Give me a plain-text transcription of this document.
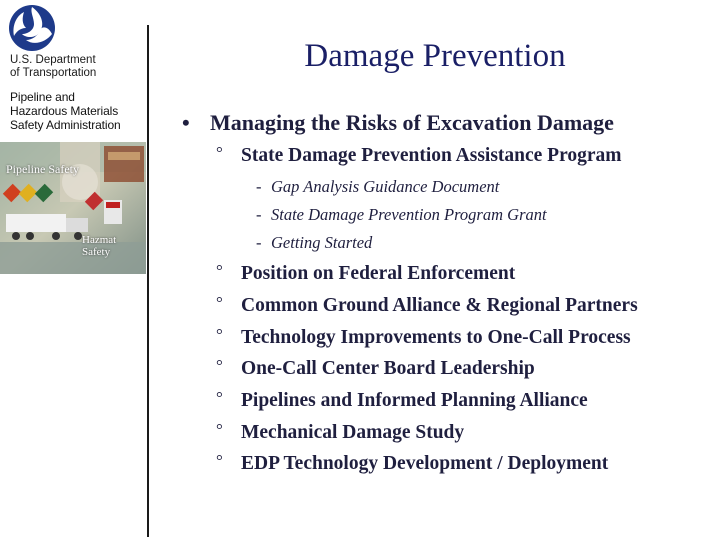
U.S. Department
of Transportation
Pipeline and
Hazardous Materials
Safety Administration
Pipeline Safety
Hazmat Safety
Damage Prevention
• Managing the Risks of Excavation Damage
° State Damage Prevention Assistance Program
- Gap Analysis Guidance Document
- State Damage Prevention Program Grant
- Getting Started
° Position on Federal Enforcement
° Common Ground Alliance & Regional Partners
° Technology Improvements to One-Call Process
° One-Call Center Board Leadership
° Pipelines and Informed Planning Alliance
° Mechanical Damage Study
° EDP Technology Development / Deployment
